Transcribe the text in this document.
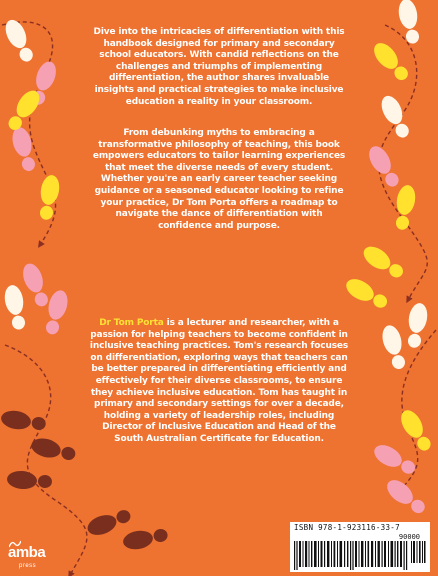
Dive into the intricacies of differentiation with this handbook designed for primary and secondary school educators. With candid reflections on the challenges and triumphs of implementing differentiation, the author shares invaluable insights and practical strategies to make inclusive education a reality in your classroom.
From debunking myths to embracing a transformative philosophy of teaching, this book empowers educators to tailor learning experiences that meet the diverse needs of every student. Whether you're an early career teacher seeking guidance or a seasoned educator looking to refine your practice, Dr Tom Porta offers a roadmap to navigate the dance of differentiation with confidence and purpose.
Dr Tom Porta is a lecturer and researcher, with a passion for helping teachers to become confident in inclusive teaching practices. Tom's research focuses on differentiation, exploring ways that teachers can be better prepared in differentiating efficiently and effectively for their diverse classrooms, to ensure they achieve inclusive education. Tom has taught in primary and secondary settings for over a decade, holding a variety of leadership roles, including Director of Inclusive Education and Head of the South Australian Certificate for Education.
ISBN 978-1-923116-33-7
90000
amba
press
